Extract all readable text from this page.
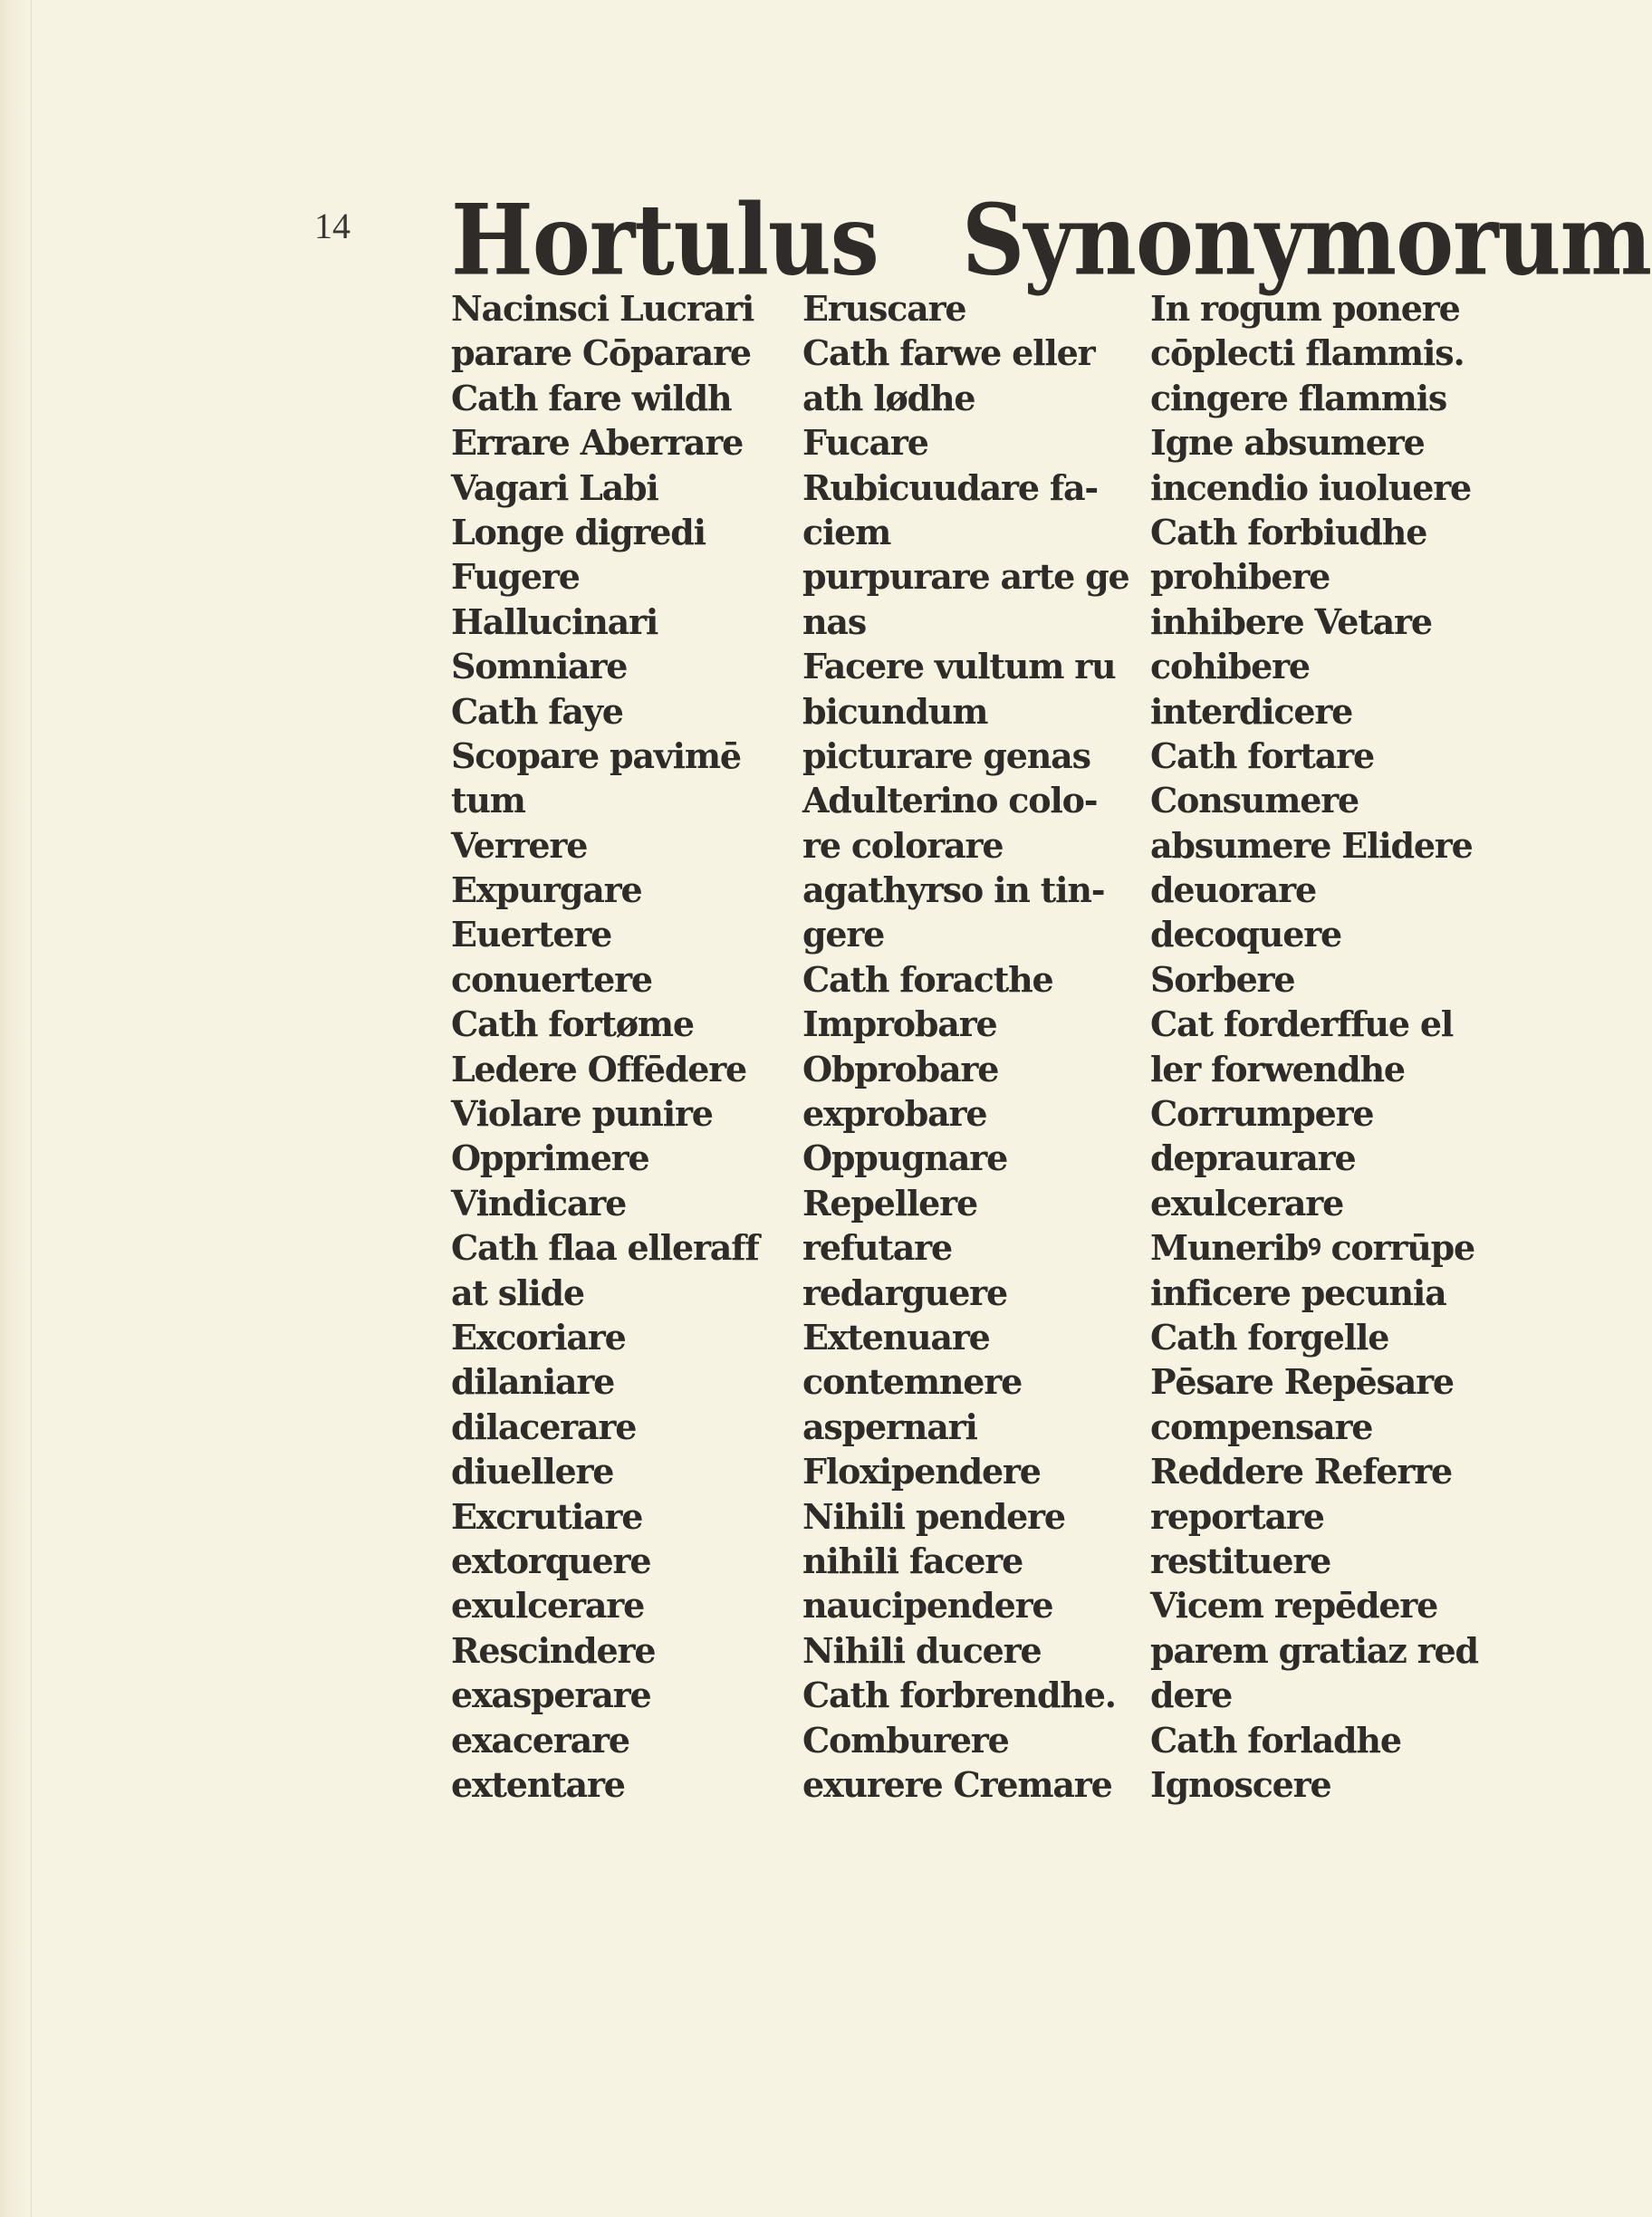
14 Hortulus Synonymorum
Nacinsci Lucrari
parare Cōparare
Cath fare wildh
Errare Aberrare
Vagari Labi
Longe digredi
Fugere
Hallucinari
Somniare
Cath faye
Scopare pavimē
tum
Verrere
Expurgare
Euertere
conuertere
Cath fortøme
Ledere Offēdere
Violare punire
Opprimere
Vindicare
Cath flaa elleraff
at slide
Excoriare
dilaniare
dilacerare
diuellere
Excrutiare
extorquere
exulcerare
Rescindere
exasperare
exacerare
extentare
Eruscare
Cath farwe eller
ath lødhe
Fucare
Rubicuudare fa-
ciem
purpurare arte ge
nas
Facere vultum ru
bicundum
picturare genas
Adulterino colo-
re colorare
agathyrso in tin-
gere
Cath foracthe
Improbare
Obprobare
exprobare
Oppugnare
Repellere
refutare
redarguere
Extenuare
contemnere
aspernari
Floxipendere
Nihili pendere
nihili facere
naucipendere
Nihili ducere
Cath forbrendhe.
Comburere
exurere Cremare
In rogum ponere
cōplecti flammis.
cingere flammis
Igne absumere
incendio iuoluere
Cath forbiudhe
prohibere
inhibere Vetare
cohibere
interdicere
Cath fortare
Consumere
absumere Elidere
deuorare
decoquere
Sorbere
Cat forderffue el
ler forwendhe
Corrumpere
depraurare
exulcerare
Muneribꝰ corrūpe
inficere pecunia
Cath forgelle
Pēsare Repēsare
compensare
Reddere Referre
reportare
restituere
Vicem repēdere
parem gratiaz red
dere
Cath forladhe
Ignoscere
